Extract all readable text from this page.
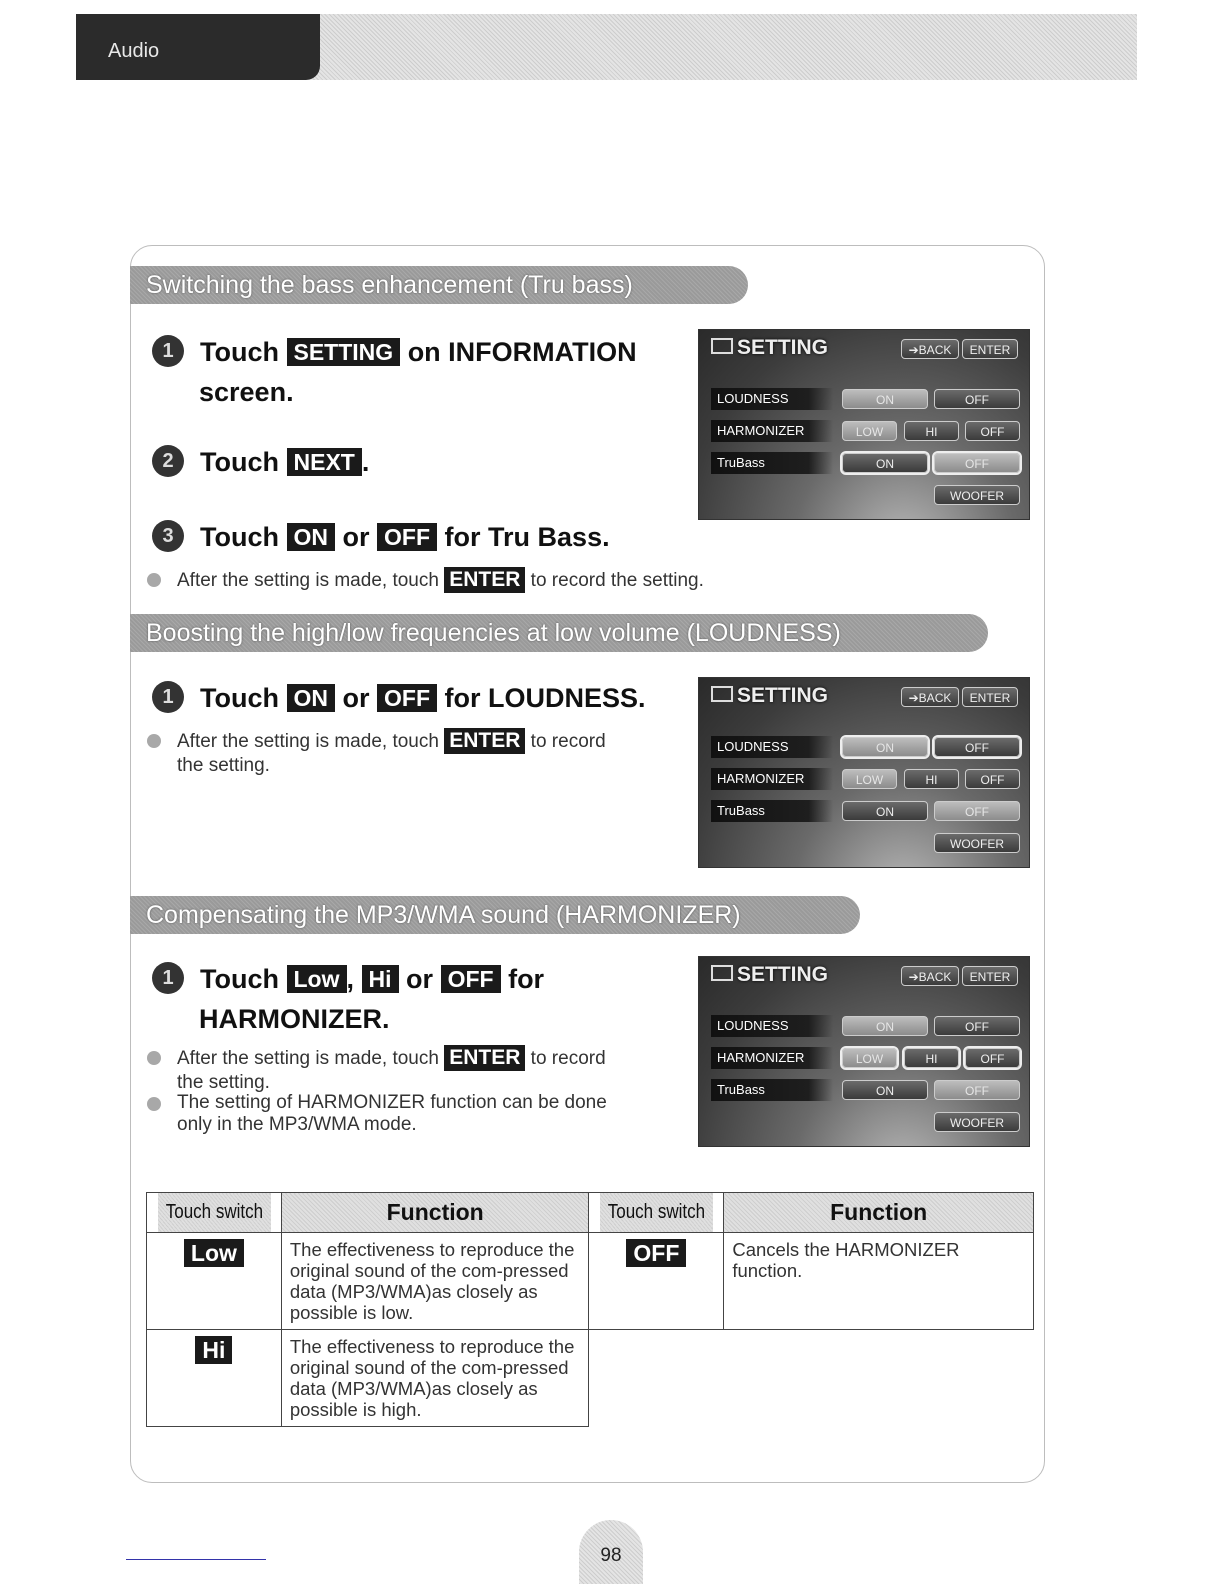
Audio
Switching the bass enhancement (Tru bass)
1 Touch SETTING on INFORMATION
screen.
2 Touch NEXT .
3 Touch ON or OFF for Tru Bass.
After the setting is made, touch ENTER to record the setting.
SETTING	➔BACK	ENTER
LOUDNESS	ON	OFF
HARMONIZER	LOW	HI	OFF
TruBass	ON	OFF
WOOFER
Boosting the high/low frequencies at low volume (LOUDNESS)
1 Touch ON or OFF for LOUDNESS.
After the setting is made, touch ENTER to record
the setting.
SETTING	➔BACK	ENTER
LOUDNESS	ON	OFF
HARMONIZER	LOW	HI	OFF
TruBass	ON	OFF
WOOFER
Compensating the MP3/WMA sound (HARMONIZER)
1 Touch Low , Hi or OFF for
HARMONIZER.
After the setting is made, touch ENTER to record
the setting.
The setting of HARMONIZER function can be done
only in the MP3/WMA mode.
SETTING	➔BACK	ENTER
LOUDNESS	ON	OFF
HARMONIZER	LOW	HI	OFF
TruBass	ON	OFF
WOOFER
Touch switch	Function	Touch switch	Function
Low	The effectiveness to reproduce the original sound of the com-pressed data (MP3/WMA)as closely as possible is low.	OFF	Cancels the HARMONIZER function.
Hi	The effectiveness to reproduce the original sound of the com-pressed data (MP3/WMA)as closely as possible is high.		
98
